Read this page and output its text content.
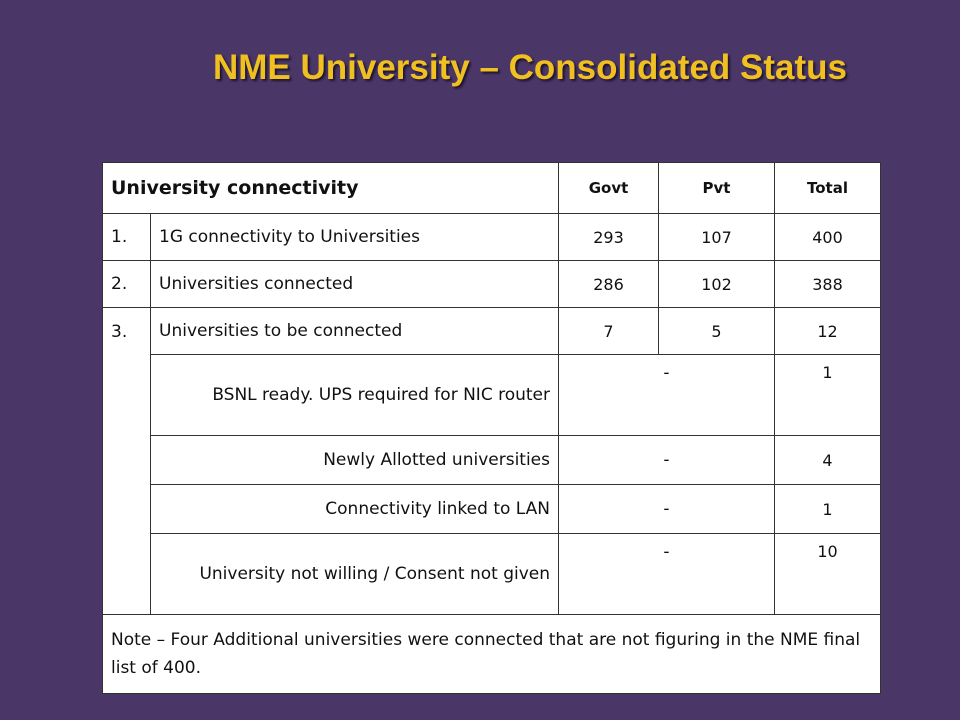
NME University – Consolidated Status
University connectivity		Govt	Pvt	Total
1.	1G connectivity to Universities	293	107	400
2.	Universities connected	286	102	388
3.	Universities to be connected	7	5	12
	BSNL ready. UPS required for NIC router	-		1
	Newly Allotted universities	-		4
	Connectivity linked to LAN	-		1
	University not willing / Consent not given	-		10
Note – Four Additional universities were connected that are not figuring in the NME final list of 400.				
